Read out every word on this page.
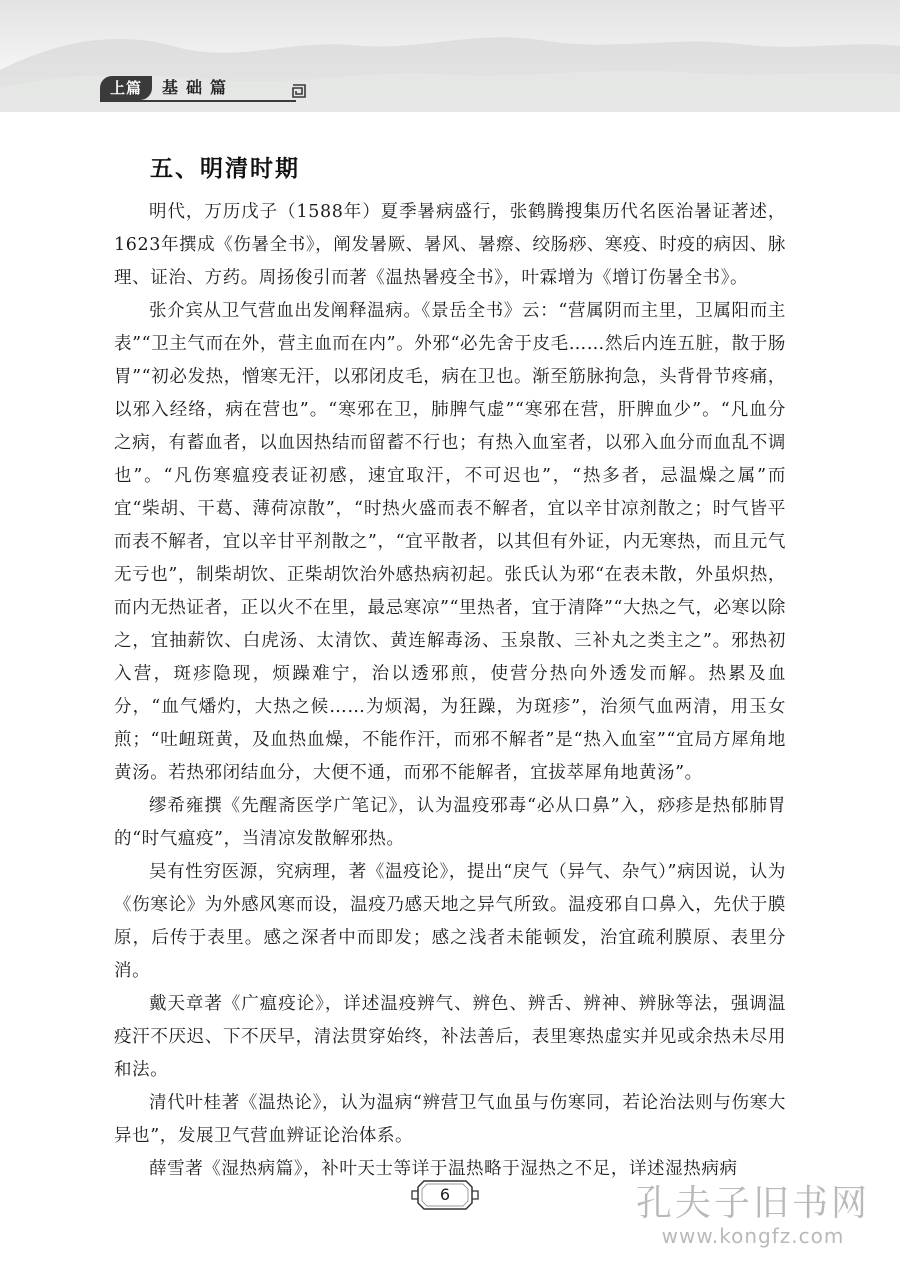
上篇	基础篇
五、明清时期

明代，万历戊子（1588年）夏季暑病盛行，张鹤腾搜集历代名医治暑证著述，1623年撰成《伤暑全书》，阐发暑厥、暑风、暑瘵、绞肠痧、寒疫、时疫的病因、脉理、证治、方药。周扬俊引而著《温热暑疫全书》，叶霖增为《增订伤暑全书》。

张介宾从卫气营血出发阐释温病。《景岳全书》云：“营属阴而主里，卫属阳而主表”“卫主气而在外，营主血而在内”。外邪“必先舍于皮毛……然后内连五脏，散于肠胃”“初必发热，憎寒无汗，以邪闭皮毛，病在卫也。渐至筋脉拘急，头背骨节疼痛，以邪入经络，病在营也”。“寒邪在卫，肺脾气虚”“寒邪在营，肝脾血少”。“凡血分之病，有蓄血者，以血因热结而留蓄不行也；有热入血室者，以邪入血分而血乱不调也”。“凡伤寒瘟疫表证初感，速宜取汗，不可迟也”，“热多者，忌温燥之属”而宜“柴胡、干葛、薄荷凉散”，“时热火盛而表不解者，宜以辛甘凉剂散之；时气皆平而表不解者，宜以辛甘平剂散之”，“宜平散者，以其但有外证，内无寒热，而且元气无亏也”，制柴胡饮、正柴胡饮治外感热病初起。张氏认为邪“在表未散，外虽炽热，而内无热证者，正以火不在里，最忌寒凉”“里热者，宜于清降”“大热之气，必寒以除之，宜抽薪饮、白虎汤、太清饮、黄连解毒汤、玉泉散、三补丸之类主之”。邪热初入营，斑疹隐现，烦躁难宁，治以透邪煎，使营分热向外透发而解。热累及血分，“血气燔灼，大热之候……为烦渴，为狂躁，为斑疹”，治须气血两清，用玉女煎；“吐衄斑黄，及血热血燥，不能作汗，而邪不解者”是“热入血室”“宜局方犀角地黄汤。若热邪闭结血分，大便不通，而邪不能解者，宜拔萃犀角地黄汤”。

缪希雍撰《先醒斋医学广笔记》，认为温疫邪毒“必从口鼻”入，痧疹是热郁肺胃的“时气瘟疫”，当清凉发散解邪热。

吴有性穷医源，究病理，著《温疫论》，提出“戾气（异气、杂气）”病因说，认为《伤寒论》为外感风寒而设，温疫乃感天地之异气所致。温疫邪自口鼻入，先伏于膜原，后传于表里。感之深者中而即发；感之浅者未能顿发，治宜疏利膜原、表里分消。

戴天章著《广瘟疫论》，详述温疫辨气、辨色、辨舌、辨神、辨脉等法，强调温疫汗不厌迟、下不厌早，清法贯穿始终，补法善后，表里寒热虚实并见或余热未尽用和法。

清代叶桂著《温热论》，认为温病“辨营卫气血虽与伤寒同，若论治法则与伤寒大异也”，发展卫气营血辨证论治体系。

薛雪著《湿热病篇》，补叶天士等详于温热略于湿热之不足，详述湿热病病

6	孔夫子旧书网
www.kongfz.com
